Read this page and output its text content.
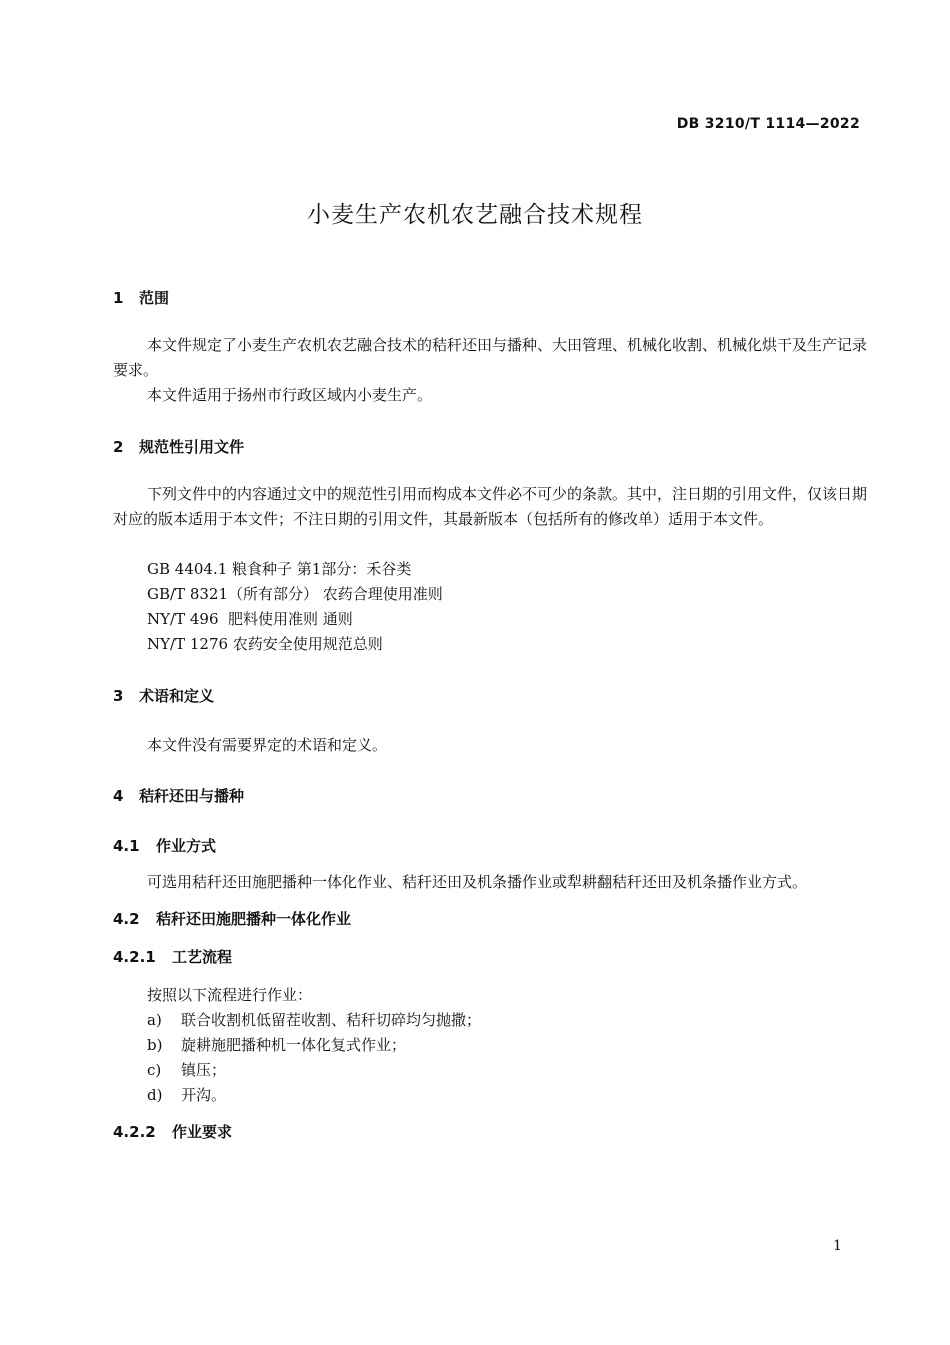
DB 3210/T 1114—2022
小麦生产农机农艺融合技术规程
1 范围
本文件规定了小麦生产农机农艺融合技术的秸秆还田与播种、大田管理、机械化收割、机械化烘干及生产记录要求。
本文件适用于扬州市行政区域内小麦生产。
2 规范性引用文件
下列文件中的内容通过文中的规范性引用而构成本文件必不可少的条款。其中，注日期的引用文件，仅该日期对应的版本适用于本文件；不注日期的引用文件，其最新版本（包括所有的修改单）适用于本文件。
GB 4404.1 粮食种子 第1部分：禾谷类
GB/T 8321（所有部分） 农药合理使用准则
NY/T 496  肥料使用准则 通则
NY/T 1276 农药安全使用规范总则
3 术语和定义
本文件没有需要界定的术语和定义。
4 秸秆还田与播种
4.1 作业方式
可选用秸秆还田施肥播种一体化作业、秸秆还田及机条播作业或犁耕翻秸秆还田及机条播作业方式。
4.2 秸秆还田施肥播种一体化作业
4.2.1 工艺流程
按照以下流程进行作业：
a) 联合收割机低留茬收割、秸秆切碎均匀抛撒；
b) 旋耕施肥播种机一体化复式作业；
c) 镇压；
d) 开沟。
4.2.2 作业要求
1
